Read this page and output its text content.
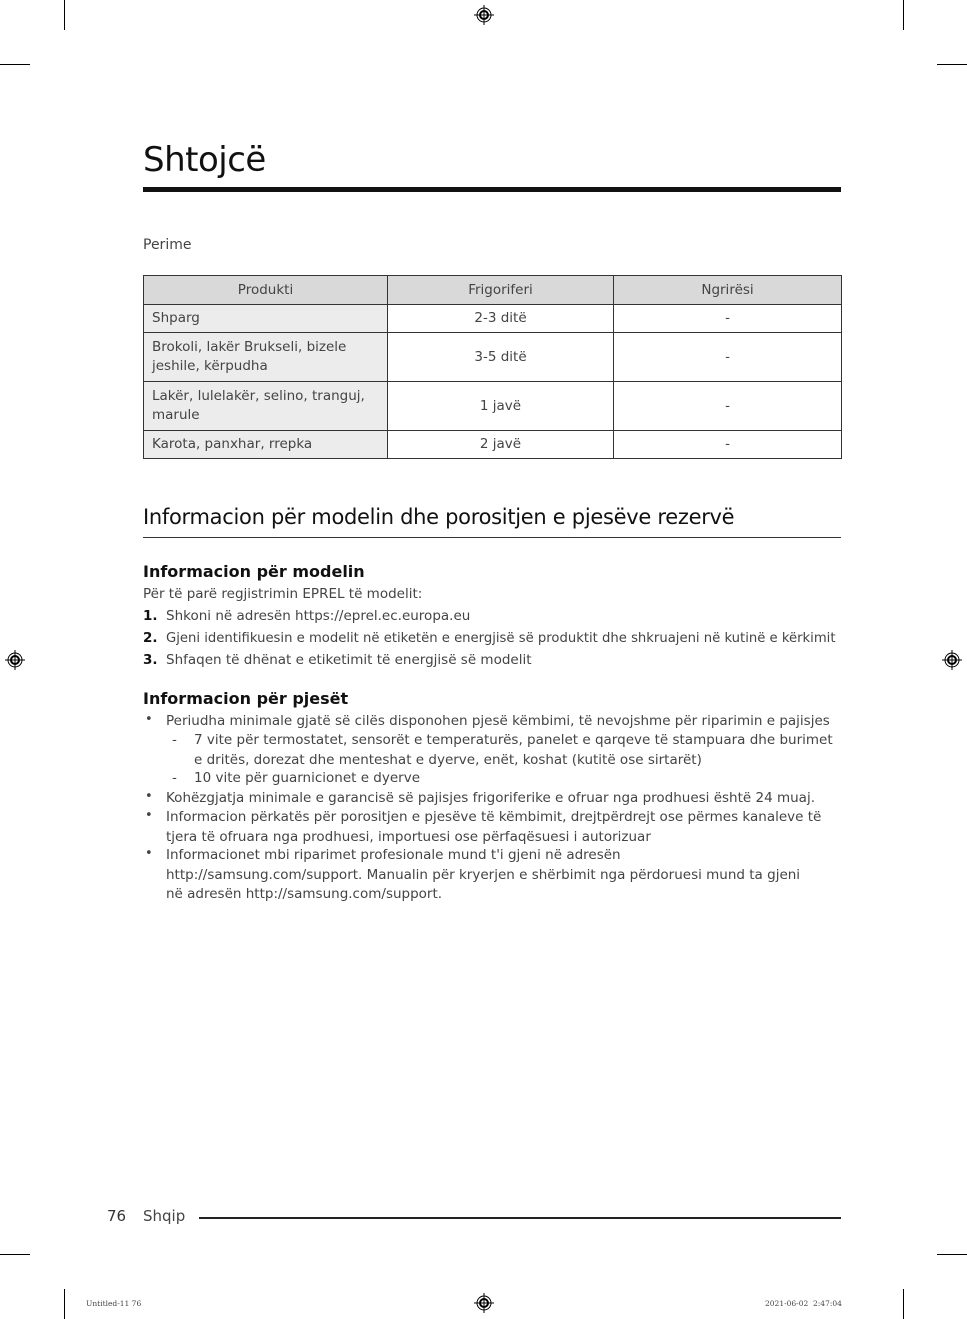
Shtojcë
Perime
Produkti	Frigoriferi	Ngrirësi
Shparg	2-3 ditë	-
Brokoli, lakër Brukseli, bizele jeshile, kërpudha	3-5 ditë	-
Lakër, lulelakër, selino, tranguj, marule	1 javë	-
Karota, panxhar, rrepka	2 javë	-
Informacion për modelin dhe porositjen e pjesëve rezervë
Informacion për modelin
Për të parë regjistrimin EPREL të modelit:
1. Shkoni në adresën https://eprel.ec.europa.eu
2. Gjeni identifikuesin e modelit në etiketën e energjisë së produktit dhe shkruajeni në kutinë e kërkimit
3. Shfaqen të dhënat e etiketimit të energjisë së modelit
Informacion për pjesët
• Periudha minimale gjatë së cilës disponohen pjesë këmbimi, të nevojshme për riparimin e pajisjes
- 7 vite për termostatet, sensorët e temperaturës, panelet e qarqeve të stampuara dhe burimet e dritës, dorezat dhe menteshat e dyerve, enët, koshat (kutitë ose sirtarët)
- 10 vite për guarnicionet e dyerve
• Kohëzgjatja minimale e garancisë së pajisjes frigoriferike e ofruar nga prodhuesi është 24 muaj.
• Informacion përkatës për porositjen e pjesëve të këmbimit, drejtpërdrejt ose përmes kanaleve të tjera të ofruara nga prodhuesi, importuesi ose përfaqësuesi i autorizuar
• Informacionet mbi riparimet profesionale mund t'i gjeni në adresën http://samsung.com/support. Manualin për kryerjen e shërbimit nga përdoruesi mund ta gjeni në adresën http://samsung.com/support.
76 Shqip
Untitled-11 76	2021-06-02 ￼￼ 2:47:04
